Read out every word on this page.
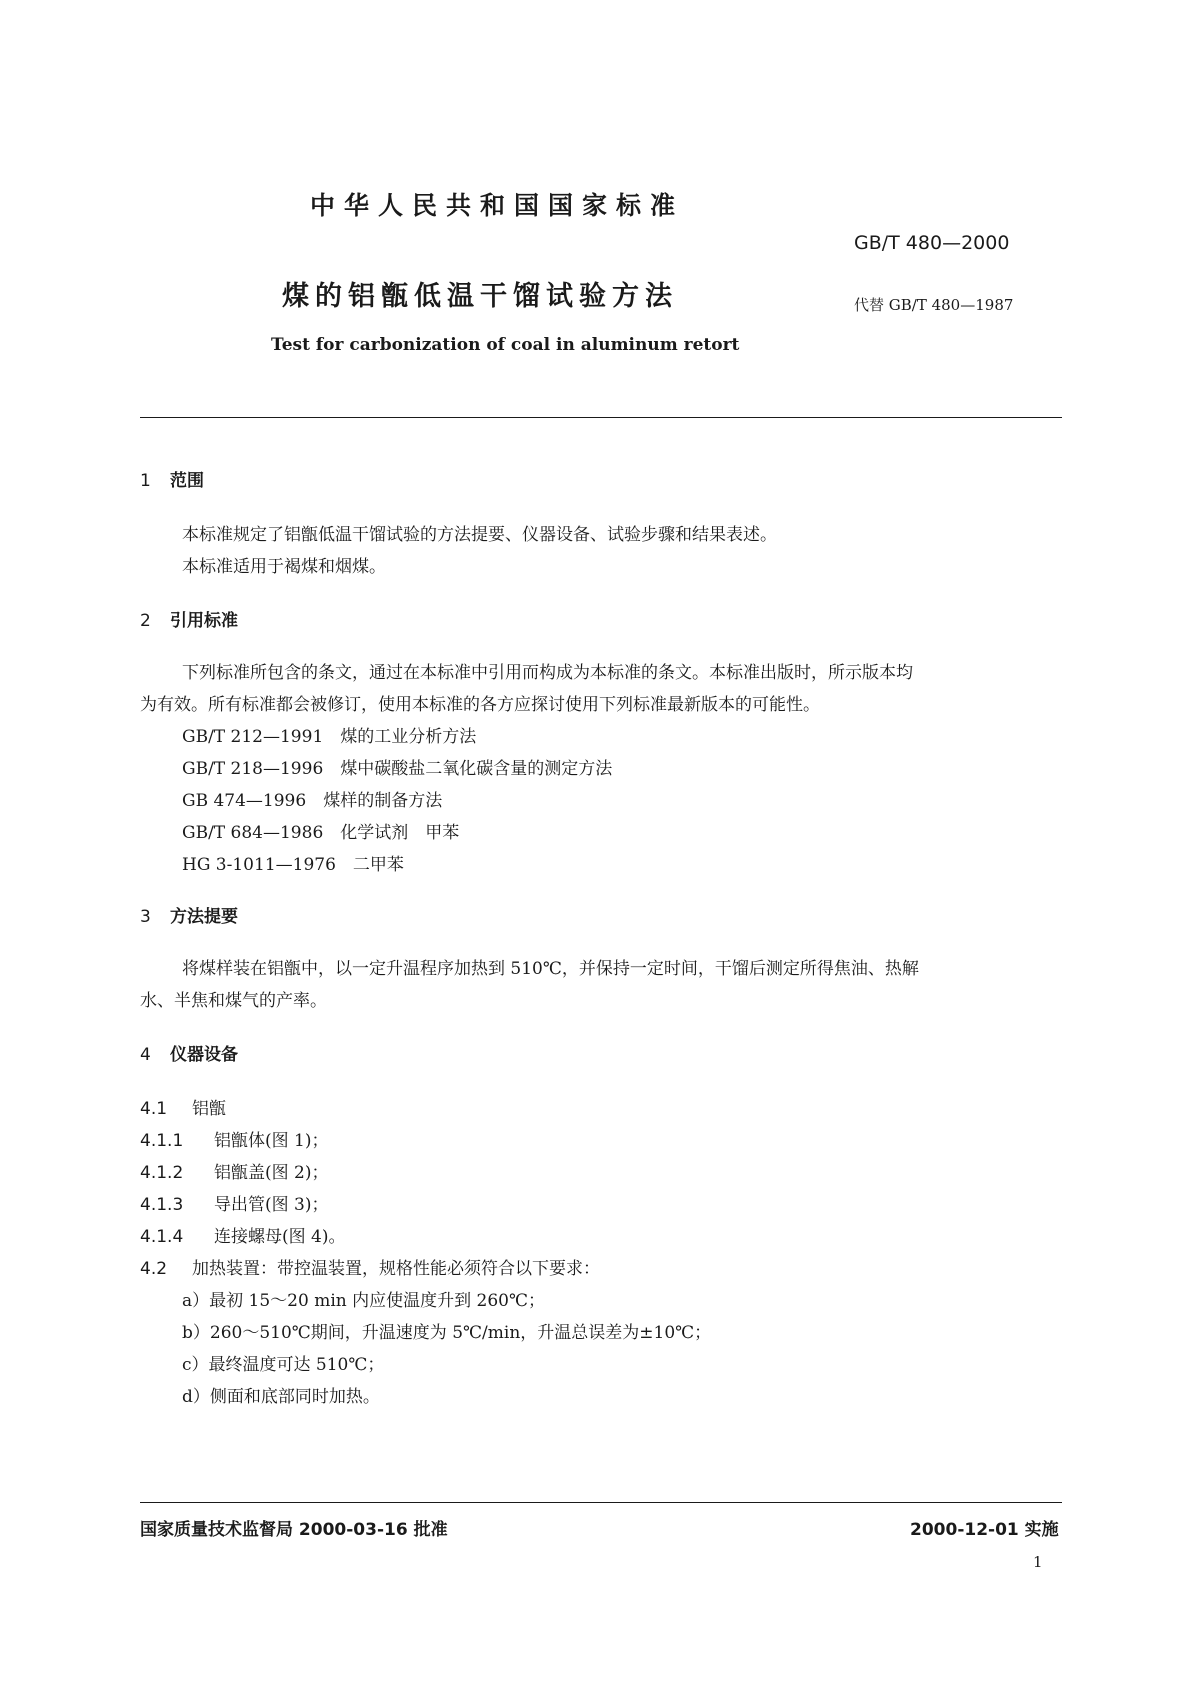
中华人民共和国国家标准
GB/T 480—2000
煤的铝甑低温干馏试验方法	代替 GB/T 480—1987
Test for carbonization of coal in aluminum retort
1 范围
本标准规定了铝甑低温干馏试验的方法提要、仪器设备、试验步骤和结果表述。
本标准适用于褐煤和烟煤。
2 引用标准
下列标准所包含的条文，通过在本标准中引用而构成为本标准的条文。本标准出版时，所示版本均
为有效。所有标准都会被修订，使用本标准的各方应探讨使用下列标准最新版本的可能性。
GB/T 212—1991　煤的工业分析方法
GB/T 218—1996　煤中碳酸盐二氧化碳含量的测定方法
GB 474—1996　煤样的制备方法
GB/T 684—1986　化学试剂　甲苯
HG 3-1011—1976　二甲苯
3 方法提要
将煤样装在铝甑中，以一定升温程序加热到 510℃，并保持一定时间，干馏后测定所得焦油、热解
水、半焦和煤气的产率。
4 仪器设备
4.1 铝甑
4.1.1 铝甑体(图 1)；
4.1.2 铝甑盖(图 2)；
4.1.3 导出管(图 3)；
4.1.4 连接螺母(图 4)。
4.2 加热装置：带控温装置，规格性能必须符合以下要求：
a）最初 15～20 min 内应使温度升到 260℃；
b）260～510℃期间，升温速度为 5℃/min，升温总误差为±10℃；
c）最终温度可达 510℃；
d）侧面和底部同时加热。
国家质量技术监督局 2000-03-16 批准	2000-12-01 实施
1
